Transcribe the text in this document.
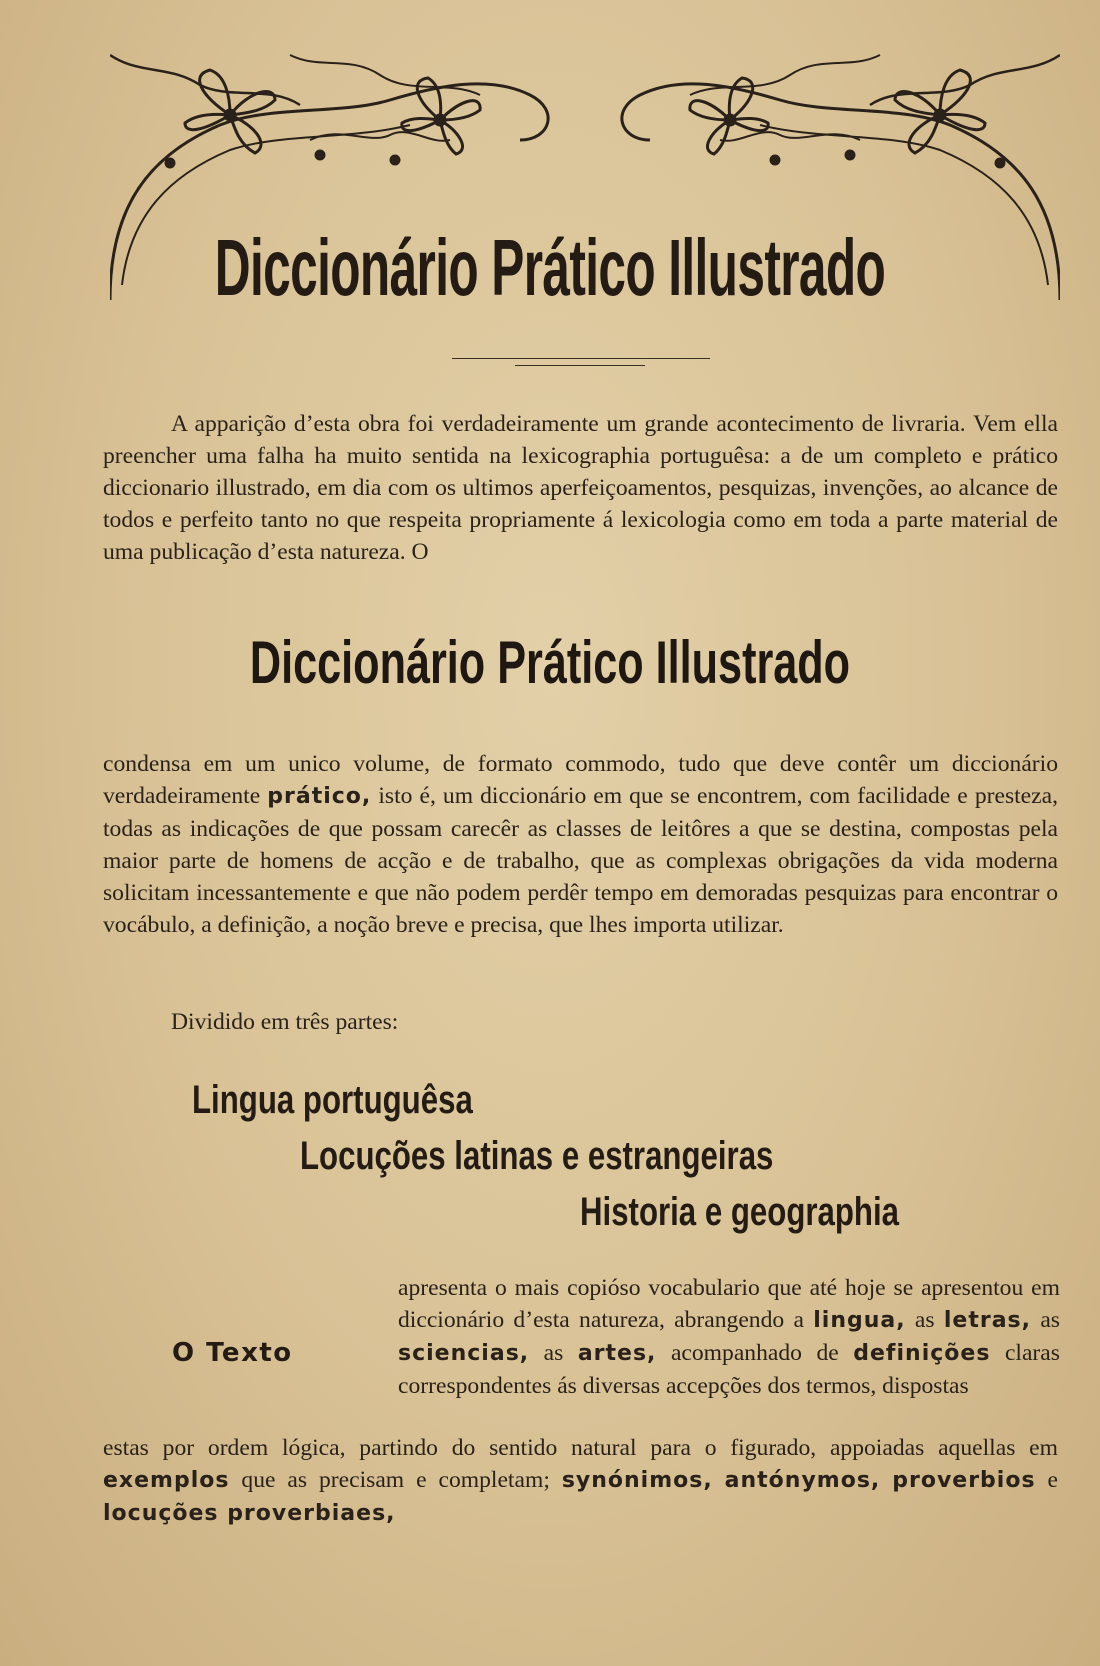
Diccionário Prático Illustrado
A apparição d’esta obra foi verdadeiramente um grande acontecimento de livraria. Vem ella preencher uma falha ha muito sentida na lexicographia portuguêsa: a de um completo e prático diccionario illustrado, em dia com os ultimos aperfeiçoamentos, pesquizas, invenções, ao alcance de todos e perfeito tanto no que respeita propriamente á lexicologia como em toda a parte material de uma publicação d’esta natureza. O
Diccionário Prático Illustrado
condensa em um unico volume, de formato commodo, tudo que deve contêr um diccionário verdadeiramente prático, isto é, um diccionário em que se encontrem, com facilidade e presteza, todas as indicações de que possam carecêr as classes de leitôres a que se destina, compostas pela maior parte de homens de acção e de trabalho, que as complexas obrigações da vida moderna solicitam incessantemente e que não podem perdêr tempo em demoradas pesquizas para encontrar o vocábulo, a definição, a noção breve e precisa, que lhes importa utilizar.
Dividido em três partes:
Lingua portuguêsa
Locuções latinas e estrangeiras
Historia e geographia
O Texto
apresenta o mais copióso vocabulario que até hoje se apresentou em diccionário d’esta natureza, abrangendo a lingua, as letras, as sciencias, as artes, acompanhado de definições claras correspondentes ás diversas accepções dos termos, dispostas
estas por ordem lógica, partindo do sentido natural para o figurado, appoiadas aquellas em exemplos que as precisam e completam; synónimos, antónymos, proverbios e locuções proverbiaes,
